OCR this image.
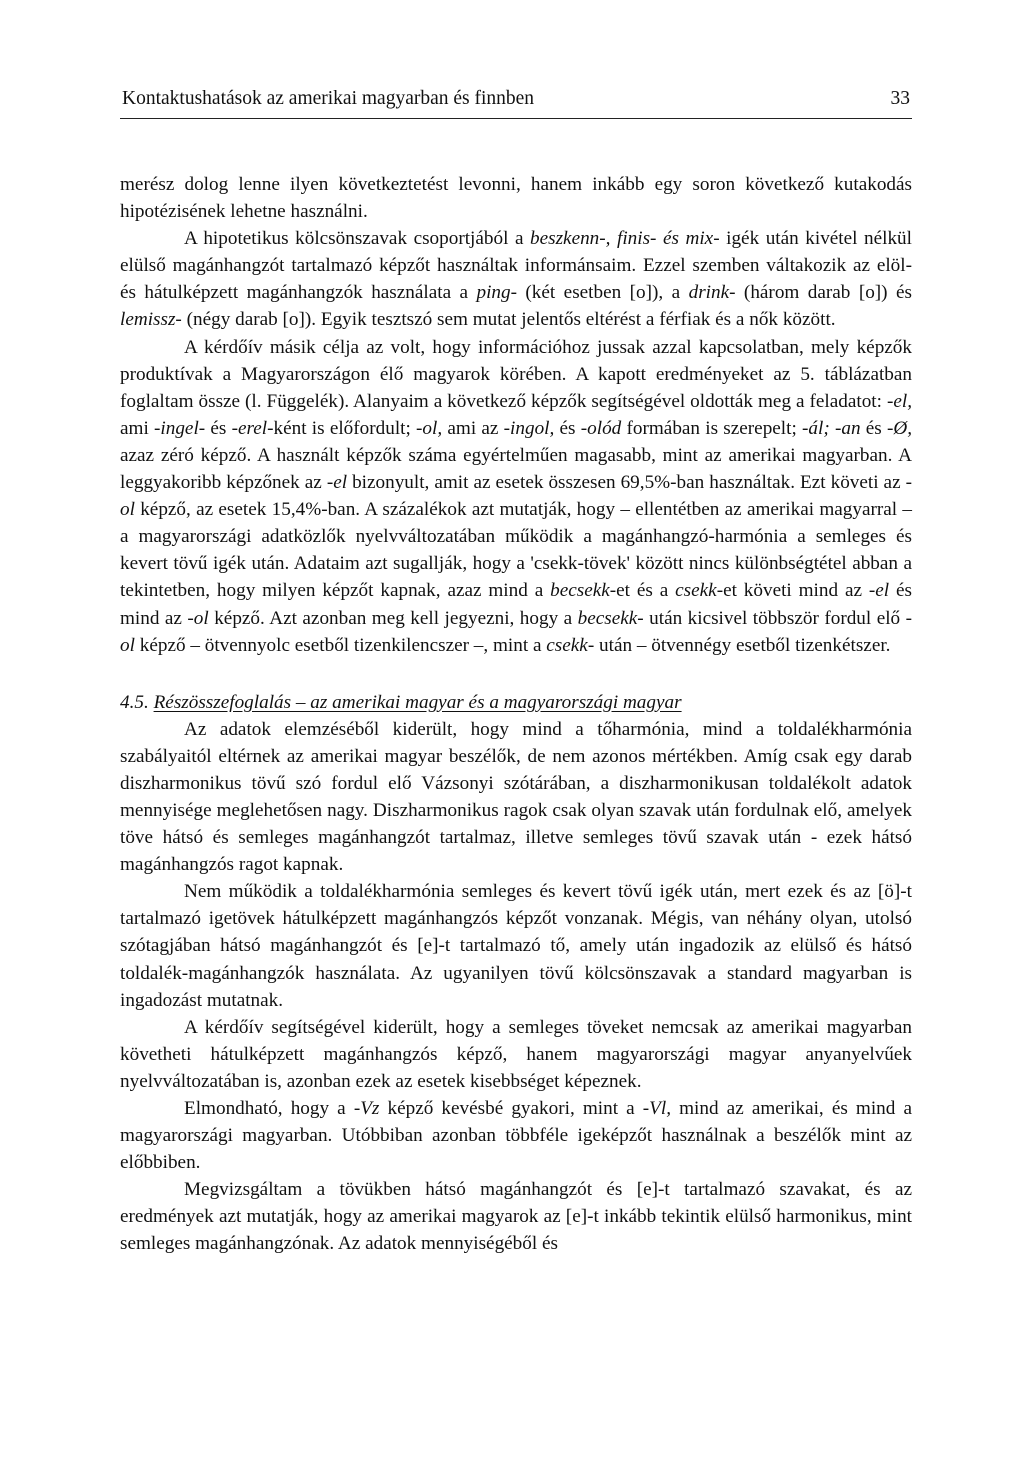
Kontaktushatások az amerikai magyarban és finnben	33

merész dolog lenne ilyen következtetést levonni, hanem inkább egy soron következő kutakodás hipotézisének lehetne használni.

A hipotetikus kölcsönszavak csoportjából a beszkenn-, finis- és mix- igék után kivétel nélkül elülső magánhangzót tartalmazó képzőt használtak informánsaim. Ezzel szemben váltakozik az elöl- és hátulképzett magánhangzók használata a ping- (két esetben [o]), a drink- (három darab [o]) és lemissz- (négy darab [o]). Egyik tesztszó sem mutat jelentős eltérést a férfiak és a nők között.

A kérdőív másik célja az volt, hogy információhoz jussak azzal kapcsolatban, mely képzők produktívak a Magyarországon élő magyarok körében. A kapott eredményeket az 5. táblázatban foglaltam össze (l. Függelék). Alanyaim a következő képzők segítségével oldották meg a feladatot: -el, ami -ingel- és -erel-ként is előfordult; -ol, ami az -ingol, és -olód formában is szerepelt; -ál; -an és -Ø, azaz zéró képző. A használt képzők száma egyértelműen magasabb, mint az amerikai magyarban. A leggyakoribb képzőnek az -el bizonyult, amit az esetek összesen 69,5%-ban használtak. Ezt követi az -ol képző, az esetek 15,4%-ban. A százalékok azt mutatják, hogy – ellentétben az amerikai magyarral – a magyarországi adatközlők nyelvváltozatában működik a magánhangzó-harmónia a semleges és kevert tövű igék után. Adataim azt sugallják, hogy a 'csekk-tövek' között nincs különbségtétel abban a tekintetben, hogy milyen képzőt kapnak, azaz mind a becsekk-et és a csekk-et követi mind az -el és mind az -ol képző. Azt azonban meg kell jegyezni, hogy a becsekk- után kicsivel többször fordul elő -ol képző – ötvennyolc esetből tizenkilencszer –, mint a csekk- után – ötvennégy esetből tizenkétszer.

4.5. Részösszefoglalás – az amerikai magyar és a magyarországi magyar

Az adatok elemzéséből kiderült, hogy mind a tőharmónia, mind a toldalékharmónia szabályaitól eltérnek az amerikai magyar beszélők, de nem azonos mértékben. Amíg csak egy darab diszharmonikus tövű szó fordul elő Vázsonyi szótárában, a diszharmonikusan toldalékolt adatok mennyisége meglehetősen nagy. Diszharmonikus ragok csak olyan szavak után fordulnak elő, amelyek töve hátsó és semleges magánhangzót tartalmaz, illetve semleges tövű szavak után - ezek hátsó magánhangzós ragot kapnak.

Nem működik a toldalékharmónia semleges és kevert tövű igék után, mert ezek és az [ö]-t tartalmazó igetövek hátulképzett magánhangzós képzőt vonzanak. Mégis, van néhány olyan, utolsó szótagjában hátsó magánhangzót és [e]-t tartalmazó tő, amely után ingadozik az elülső és hátsó toldalék-magánhangzók használata. Az ugyanilyen tövű kölcsönszavak a standard magyarban is ingadozást mutatnak.

A kérdőív segítségével kiderült, hogy a semleges töveket nemcsak az amerikai magyarban követheti hátulképzett magánhangzós képző, hanem magyarországi magyar anyanyelvűek nyelvváltozatában is, azonban ezek az esetek kisebbséget képeznek.

Elmondható, hogy a -Vz képző kevésbé gyakori, mint a -Vl, mind az amerikai, és mind a magyarországi magyarban. Utóbbiban azonban többféle igeképzőt használnak a beszélők mint az előbbiben.

Megvizsgáltam a tövükben hátsó magánhangzót és [e]-t tartalmazó szavakat, és az eredmények azt mutatják, hogy az amerikai magyarok az [e]-t inkább tekintik elülső harmonikus, mint semleges magánhangzónak. Az adatok mennyiségéből és
